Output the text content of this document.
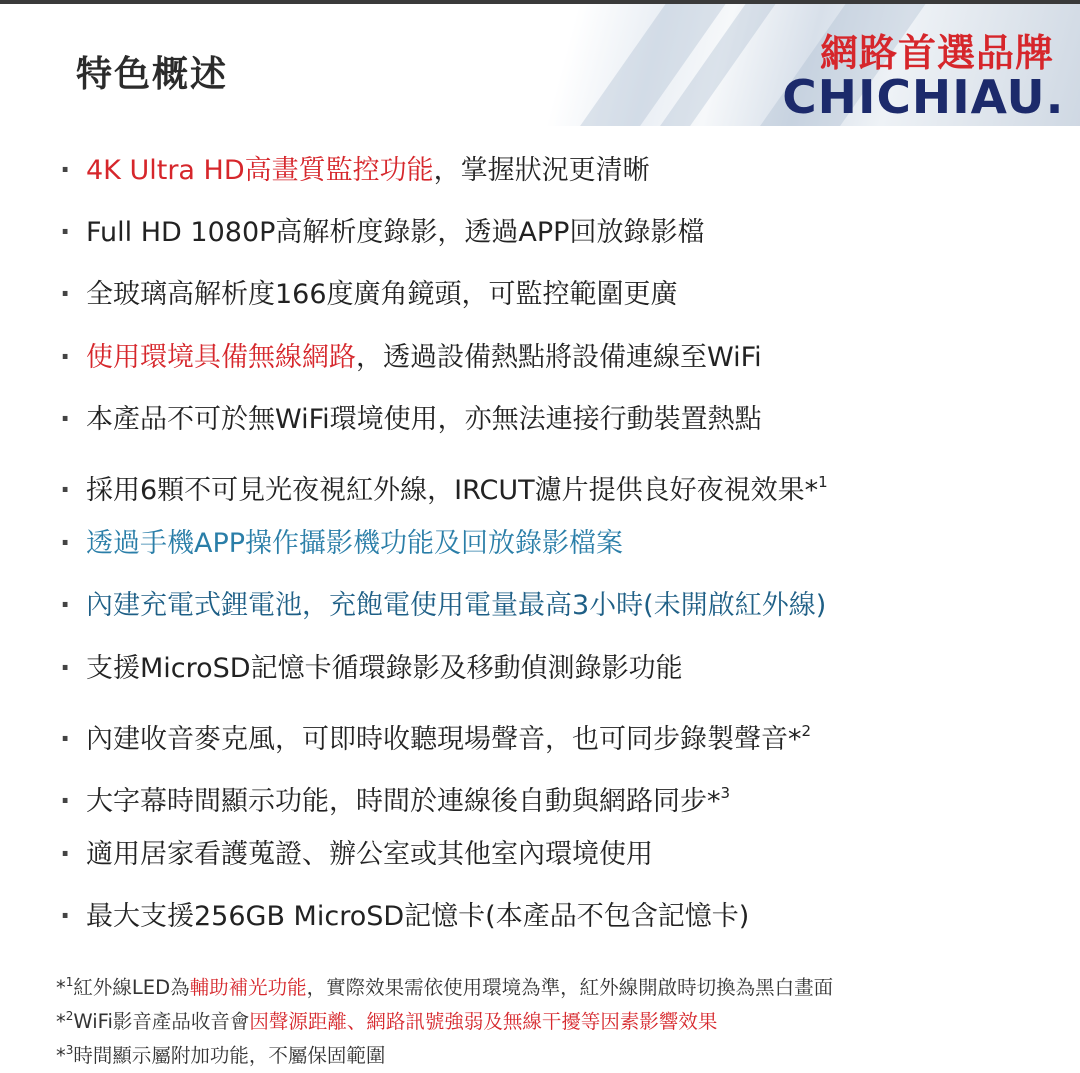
特色概述	網路首選品牌
CHICHIAU.
· 4K Ultra HD高畫質監控功能，掌握狀況更清晰
· Full HD 1080P高解析度錄影，透過APP回放錄影檔
· 全玻璃高解析度166度廣角鏡頭，可監控範圍更廣
· 使用環境具備無線網路，透過設備熱點將設備連線至WiFi
· 本產品不可於無WiFi環境使用，亦無法連接行動裝置熱點
· 採用6顆不可見光夜視紅外線，IRCUT濾片提供良好夜視效果*$^1$
· 透過手機APP操作攝影機功能及回放錄影檔案
· 內建充電式鋰電池，充飽電使用電量最高3小時(未開啟紅外線)
· 支援MicroSD記憶卡循環錄影及移動偵測錄影功能
· 內建收音麥克風，可即時收聽現場聲音，也可同步錄製聲音*$^2$
· 大字幕時間顯示功能，時間於連線後自動與網路同步*$^3$
· 適用居家看護蒐證、辦公室或其他室內環境使用
· 最大支援256GB MicroSD記憶卡(本產品不包含記憶卡)
*$^1$紅外線LED為輔助補光功能，實際效果需依使用環境為準，紅外線開啟時切換為黑白畫面
*$^2$WiFi影音產品收音會因聲源距離、網路訊號強弱及無線干擾等因素影響效果
*$^3$時間顯示屬附加功能，不屬保固範圍
